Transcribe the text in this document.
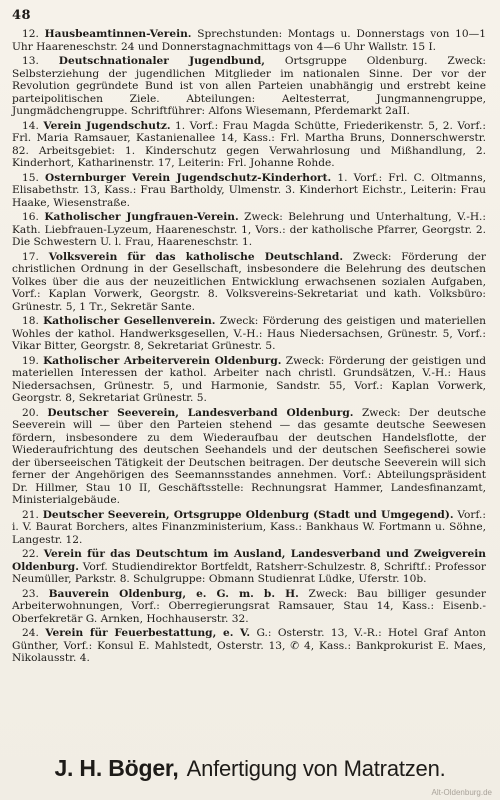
48

12. Hausbeamtinnen-Verein. Sprechstunden: Montags u. Donnerstags von 10—1 Uhr Haareneschstr. 24 und Donnerstagnachmittags von 4—6 Uhr Wallstr. 15 I.

13. Deutschnationaler Jugendbund, Ortsgruppe Oldenburg. Zweck: Selbsterziehung der jugendlichen Mitglieder im nationalen Sinne. Der vor der Revolution gegründete Bund ist von allen Parteien unabhängig und erstrebt keine parteipolitischen Ziele. Abteilungen: Aeltesterrat, Jungmannengruppe, Jungmädchengruppe. Schriftführer: Alfons Wiesemann, Pferdemarkt 2aII.

14. Verein Jugendschutz. 1. Vorf.: Frau Magda Schütte, Friederikenstr. 5, 2. Vorf.: Frl. Maria Ramsauer, Kastanienallee 14, Kass.: Frl. Martha Bruns, Donnerschwerstr. 82. Arbeitsgebiet: 1. Kinderschutz gegen Verwahrlosung und Mißhandlung, 2. Kinderhort, Katharinenstr. 17, Leiterin: Frl. Johanne Rohde.

15. Osternburger Verein Jugendschutz-Kinderhort. 1. Vorf.: Frl. C. Oltmanns, Elisabethstr. 13, Kass.: Frau Bartholdy, Ulmenstr. 3. Kinderhort Eichstr., Leiterin: Frau Haake, Wiesenstraße.

16. Katholischer Jungfrauen-Verein. Zweck: Belehrung und Unterhaltung, V.-H.: Kath. Liebfrauen-Lyzeum, Haareneschstr. 1, Vors.: der katholische Pfarrer, Georgstr. 2. Die Schwestern U. l. Frau, Haareneschstr. 1.

17. Volksverein für das katholische Deutschland. Zweck: Förderung der christlichen Ordnung in der Gesellschaft, insbesondere die Belehrung des deutschen Volkes über die aus der neuzeitlichen Entwicklung erwachsenen sozialen Aufgaben, Vorf.: Kaplan Vorwerk, Georgstr. 8. Volksvereins-Sekretariat und kath. Volksbüro: Grünestr. 5, 1 Tr., Sekretär Sante.

18. Katholischer Gesellenverein. Zweck: Förderung des geistigen und materiellen Wohles der kathol. Handwerksgesellen, V.-H.: Haus Niedersachsen, Grünestr. 5, Vorf.: Vikar Bitter, Georgstr. 8, Sekretariat Grünestr. 5.

19. Katholischer Arbeiterverein Oldenburg. Zweck: Förderung der geistigen und materiellen Interessen der kathol. Arbeiter nach christl. Grundsätzen, V.-H.: Haus Niedersachsen, Grünestr. 5, und Harmonie, Sandstr. 55, Vorf.: Kaplan Vorwerk, Georgstr. 8, Sekretariat Grünestr. 5.

20. Deutscher Seeverein, Landesverband Oldenburg. Zweck: Der deutsche Seeverein will — über den Parteien stehend — das gesamte deutsche Seewesen fördern, insbesondere zu dem Wiederaufbau der deutschen Handelsflotte, der Wiederaufrichtung des deutschen Seehandels und der deutschen Seefischerei sowie der überseeischen Tätigkeit der Deutschen beitragen. Der deutsche Seeverein will sich ferner der Angehörigen des Seemannsstandes annehmen. Vorf.: Abteilungspräsident Dr. Hillmer, Stau 10 II, Geschäftsstelle: Rechnungsrat Hammer, Landesfinanzamt, Ministerialgebäude.

21. Deutscher Seeverein, Ortsgruppe Oldenburg (Stadt und Umgegend). Vorf.: i. V. Baurat Borchers, altes Finanzministerium, Kass.: Bankhaus W. Fortmann u. Söhne, Langestr. 12.

22. Verein für das Deutschtum im Ausland, Landesverband und Zweigverein Oldenburg. Vorf. Studiendirektor Bortfeldt, Ratsherr-Schulzestr. 8, Schriftf.: Professor Neumüller, Parkstr. 8. Schulgruppe: Obmann Studienrat Lüdke, Uferstr. 10b.

23. Bauverein Oldenburg, e. G. m. b. H. Zweck: Bau billiger gesunder Arbeiterwohnungen, Vorf.: Oberregierungsrat Ramsauer, Stau 14, Kass.: Eisenb.-Oberfekretär G. Arnken, Hochhauserstr. 32.

24. Verein für Feuerbestattung, e. V. G.: Osterstr. 13, V.-R.: Hotel Graf Anton Günther, Vorf.: Konsul E. Mahlstedt, Osterstr. 13, ✆ 4, Kass.: Bankprokurist E. Maes, Nikolausstr. 4.

J. H. Böger, Anfertigung von Matratzen.
Alt-Oldenburg.de
